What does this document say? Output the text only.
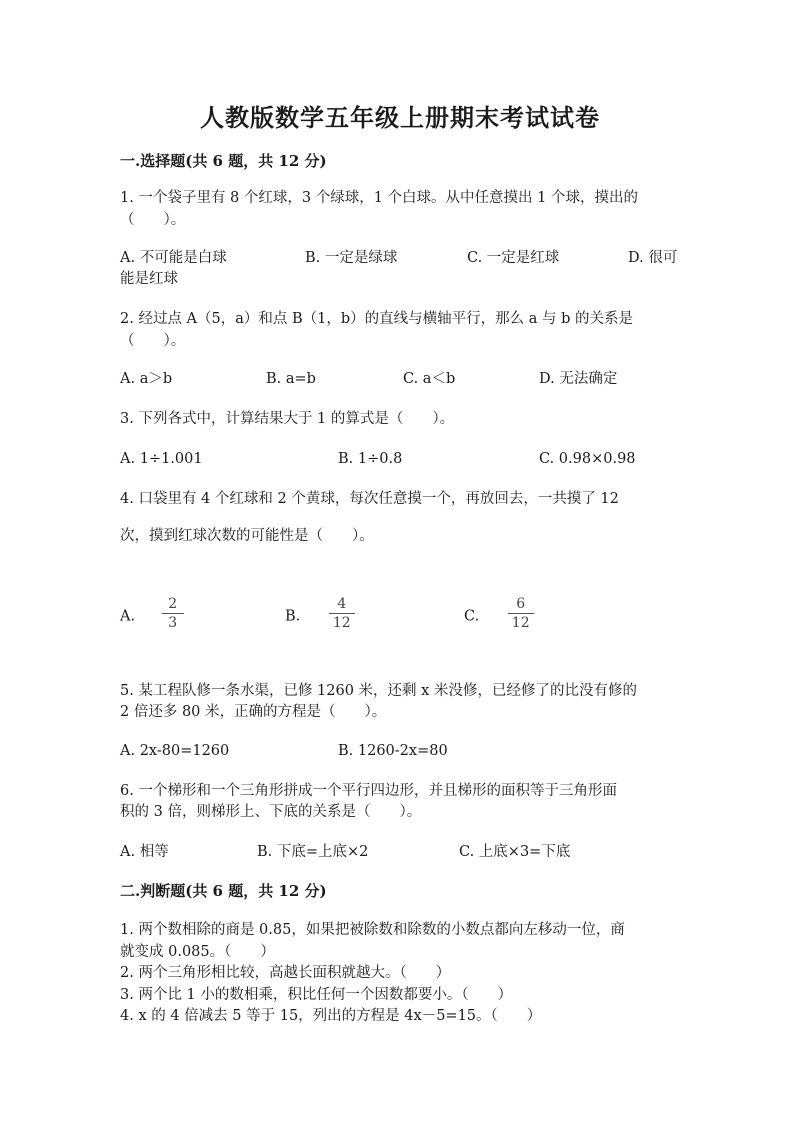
人教版数学五年级上册期末考试试卷
一.选择题(共 6 题，共 12 分)
1. 一个袋子里有 8 个红球，3 个绿球，1 个白球。从中任意摸出 1 个球，摸出的
（　　）。
A. 不可能是白球	B. 一定是绿球	C. 一定是红球	D. 很可
能是红球
2. 经过点 A（5，a）和点 B（1，b）的直线与横轴平行，那么 a 与 b 的关系是
（　　）。
A. a＞b	B. a=b	C. a＜b	D. 无法确定
3. 下列各式中，计算结果大于 1 的算式是（　　）。
A. 1÷1.001	B. 1÷0.8	C. 0.98×0.98
4. 口袋里有 4 个红球和 2 个黄球，每次任意摸一个，再放回去，一共摸了 12
次，摸到红球次数的可能性是（　　）。
A. $\frac{2}{3}$	B. $\frac{4}{12}$	C. $\frac{6}{12}$
5. 某工程队修一条水渠，已修 1260 米，还剩 x 米没修，已经修了的比没有修的
2 倍还多 80 米，正确的方程是（　　）。
A. 2x-80=1260	B. 1260-2x=80
6. 一个梯形和一个三角形拼成一个平行四边形，并且梯形的面积等于三角形面
积的 3 倍，则梯形上、下底的关系是（　　）。
A. 相等	B. 下底=上底×2	C. 上底×3=下底
二.判断题(共 6 题，共 12 分)
1. 两个数相除的商是 0.85，如果把被除数和除数的小数点都向左移动一位，商
就变成 0.085。（　　）
2. 两个三角形相比较，高越长面积就越大。（　　）
3. 两个比 1 小的数相乘，积比任何一个因数都要小。（　　）
4. x 的 4 倍减去 5 等于 15，列出的方程是 4x－5=15。（　　）
